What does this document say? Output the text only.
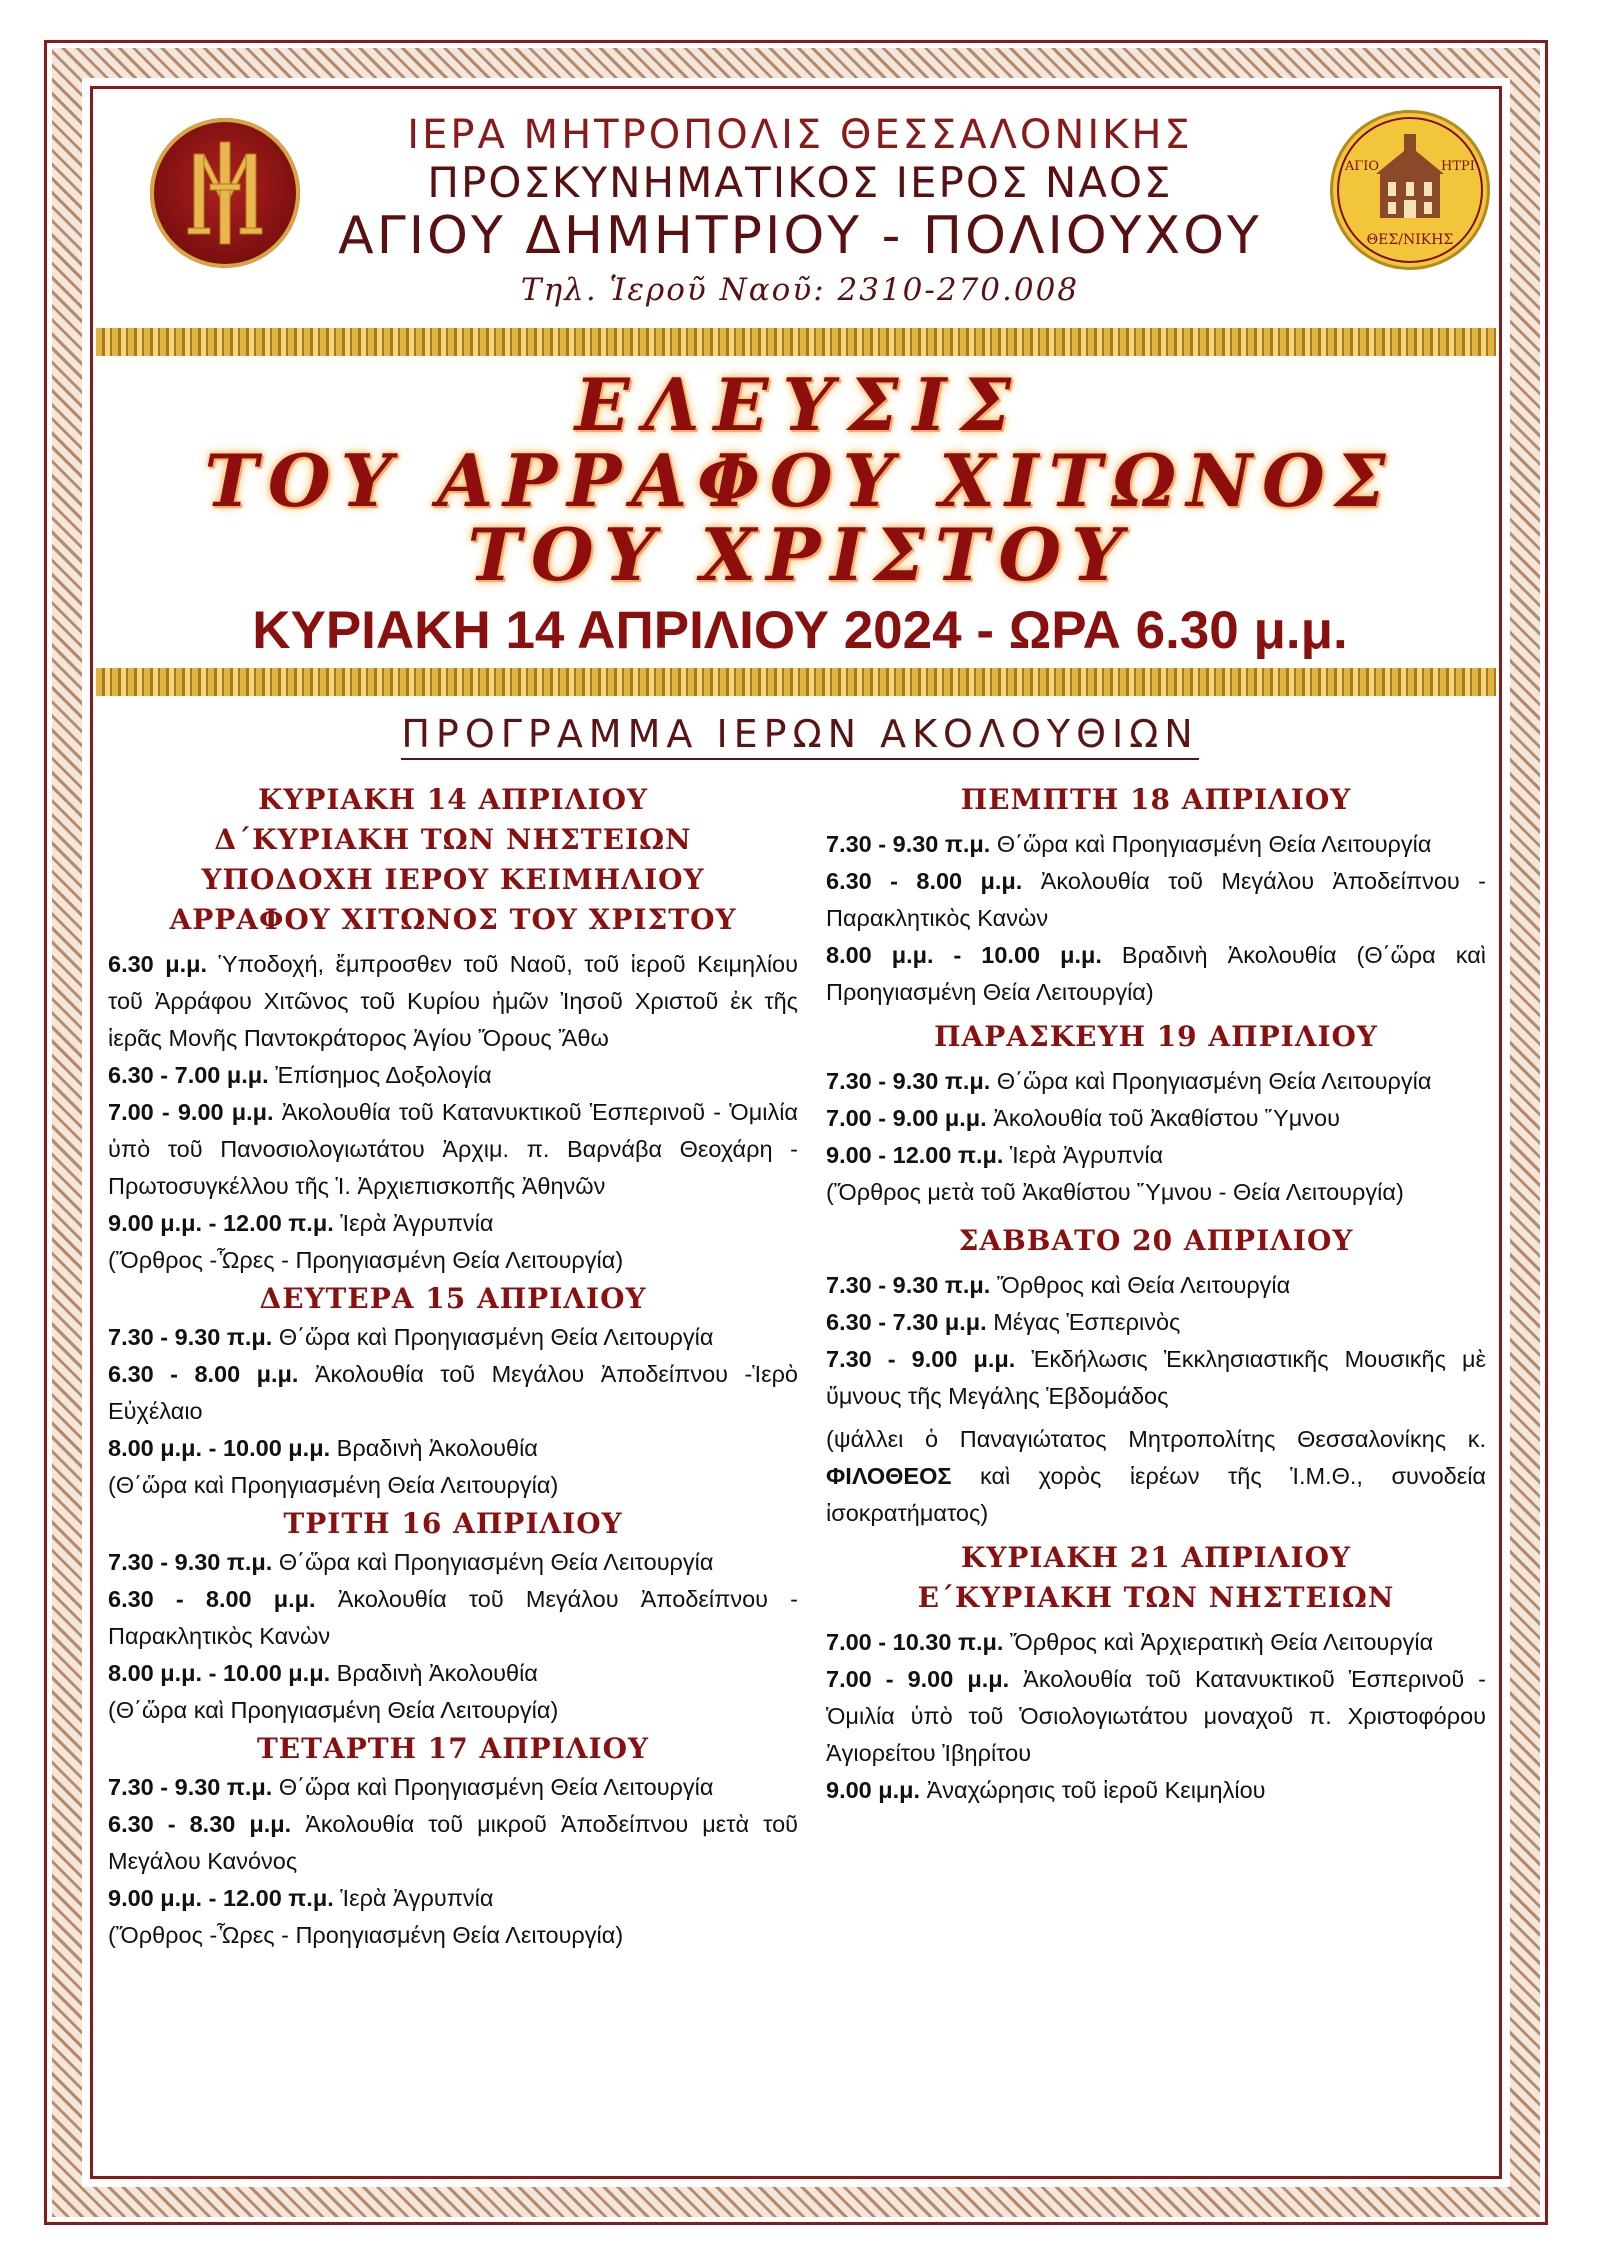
ΘΕΣ/ΝΙΚΗΣ
ΑΓΙΟ	ΗΤΡΙ
ΙΕΡΑ ΜΗΤΡΟΠΟΛΙΣ ΘΕΣΣΑΛΟΝΙΚΗΣ
ΠΡΟΣΚΥΝΗΜΑΤΙΚΟΣ ΙΕΡΟΣ ΝΑΟΣ
ΑΓΙΟΥ ΔΗΜΗΤΡΙΟΥ - ΠΟΛΙΟΥΧΟΥ
Τηλ. Ἱεροῦ Ναοῦ: 2310-270.008
ΕΛΕΥΣΙΣ
ΤΟΥ ΑΡΡΑΦΟΥ ΧΙΤΩΝΟΣ
ΤΟΥ ΧΡΙΣΤΟΥ
ΚΥΡΙΑΚΗ 14 ΑΠΡΙΛΙΟΥ 2024 - ΩΡΑ 6.30 μ.μ.
ΠΡΟΓΡΑΜΜΑ ΙΕΡΩΝ ΑΚΟΛΟΥΘΙΩΝ
ΚΥΡΙΑΚΗ 14 ΑΠΡΙΛΙΟΥ
Δ΄ΚΥΡΙΑΚΗ ΤΩΝ ΝΗΣΤΕΙΩΝ
ΥΠΟΔΟΧΗ ΙΕΡΟΥ ΚΕΙΜΗΛΙΟΥ
ΑΡΡΑΦΟΥ ΧΙΤΩΝΟΣ ΤΟΥ ΧΡΙΣΤΟΥ
6.30 μ.μ. Ὑποδοχή, ἔμπροσθεν τοῦ Ναοῦ, τοῦ ἱεροῦ Κειμηλίου τοῦ Ἀρράφου Χιτῶνος τοῦ Κυρίου ἡμῶν Ἰησοῦ Χριστοῦ ἐκ τῆς ἱερᾶς Μονῆς Παντοκράτορος Ἁγίου Ὄρους Ἄθω
6.30 - 7.00 μ.μ. Ἐπίσημος Δοξολογία
7.00 - 9.00 μ.μ. Ἀκολουθία τοῦ Κατανυκτικοῦ Ἑσπερινοῦ - Ὁμιλία ὑπὸ τοῦ Πανοσιολογιωτάτου Ἀρχιμ. π. Βαρνάβα Θεοχάρη - Πρωτοσυγκέλλου τῆς Ἱ. Ἀρχιεπισκοπῆς Ἀθηνῶν
9.00 μ.μ. - 12.00 π.μ. Ἱερὰ Ἀγρυπνία
(Ὄρθρος -Ὧρες - Προηγιασμένη Θεία Λειτουργία)
ΔΕΥΤΕΡΑ 15 ΑΠΡΙΛΙΟΥ
7.30 - 9.30 π.μ. Θ΄ὥρα καὶ Προηγιασμένη Θεία Λειτουργία
6.30 - 8.00 μ.μ. Ἀκολουθία τοῦ Μεγάλου Ἀποδείπνου -Ἱερὸ Εὐχέλαιο
8.00 μ.μ. - 10.00 μ.μ. Βραδινὴ Ἀκολουθία
(Θ΄ὥρα καὶ Προηγιασμένη Θεία Λειτουργία)
ΤΡΙΤΗ 16 ΑΠΡΙΛΙΟΥ
7.30 - 9.30 π.μ. Θ΄ὥρα καὶ Προηγιασμένη Θεία Λειτουργία
6.30 - 8.00 μ.μ. Ἀκολουθία τοῦ Μεγάλου Ἀποδείπνου - Παρακλητικὸς Κανὼν
8.00 μ.μ. - 10.00 μ.μ. Βραδινὴ Ἀκολουθία
(Θ΄ὥρα καὶ Προηγιασμένη Θεία Λειτουργία)
ΤΕΤΑΡΤΗ 17 ΑΠΡΙΛΙΟΥ
7.30 - 9.30 π.μ. Θ΄ὥρα καὶ Προηγιασμένη Θεία Λειτουργία
6.30 - 8.30 μ.μ. Ἀκολουθία τοῦ μικροῦ Ἀποδείπνου μετὰ τοῦ Μεγάλου Κανόνος
9.00 μ.μ. - 12.00 π.μ. Ἱερὰ Ἀγρυπνία
(Ὄρθρος -Ὧρες - Προηγιασμένη Θεία Λειτουργία)
ΠΕΜΠΤΗ 18 ΑΠΡΙΛΙΟΥ
7.30 - 9.30 π.μ. Θ΄ὥρα καὶ Προηγιασμένη Θεία Λειτουργία
6.30 - 8.00 μ.μ. Ἀκολουθία τοῦ Μεγάλου Ἀποδείπνου - Παρακλητικὸς Κανὼν
8.00 μ.μ. - 10.00 μ.μ. Βραδινὴ Ἀκολουθία (Θ΄ὥρα καὶ Προηγιασμένη Θεία Λειτουργία)
ΠΑΡΑΣΚΕΥΗ 19 ΑΠΡΙΛΙΟΥ
7.30 - 9.30 π.μ. Θ΄ὥρα καὶ Προηγιασμένη Θεία Λειτουργία
7.00 - 9.00 μ.μ. Ἀκολουθία τοῦ Ἀκαθίστου Ὕμνου
9.00 - 12.00 π.μ. Ἱερὰ Ἀγρυπνία
(Ὄρθρος μετὰ τοῦ Ἀκαθίστου Ὕμνου - Θεία Λειτουργία)
ΣΑΒΒΑΤΟ 20 ΑΠΡΙΛΙΟΥ
7.30 - 9.30 π.μ. Ὄρθρος καὶ Θεία Λειτουργία
6.30 - 7.30 μ.μ. Μέγας Ἑσπερινὸς
7.30 - 9.00 μ.μ. Ἐκδήλωσις Ἐκκλησιαστικῆς Μουσικῆς μὲ ὕμνους τῆς Μεγάλης Ἑβδομάδος
(ψάλλει ὁ Παναγιώτατος Μητροπολίτης Θεσσαλονίκης κ. ΦΙΛΟΘΕΟΣ καὶ χορὸς ἱερέων τῆς Ἱ.Μ.Θ., συνοδεία ἰσοκρατήματος)
ΚΥΡΙΑΚΗ 21 ΑΠΡΙΛΙΟΥ
Ε΄ΚΥΡΙΑΚΗ ΤΩΝ ΝΗΣΤΕΙΩΝ
7.00 - 10.30 π.μ. Ὄρθρος καὶ Ἀρχιερατικὴ Θεία Λειτουργία
7.00 - 9.00 μ.μ. Ἀκολουθία τοῦ Κατανυκτικοῦ Ἑσπερινοῦ - Ὁμιλία ὑπὸ τοῦ Ὁσιολογιωτάτου μοναχοῦ π. Χριστοφόρου Ἁγιορείτου Ἰβηρίτου
9.00 μ.μ. Ἀναχώρησις τοῦ ἱεροῦ Κειμηλίου
